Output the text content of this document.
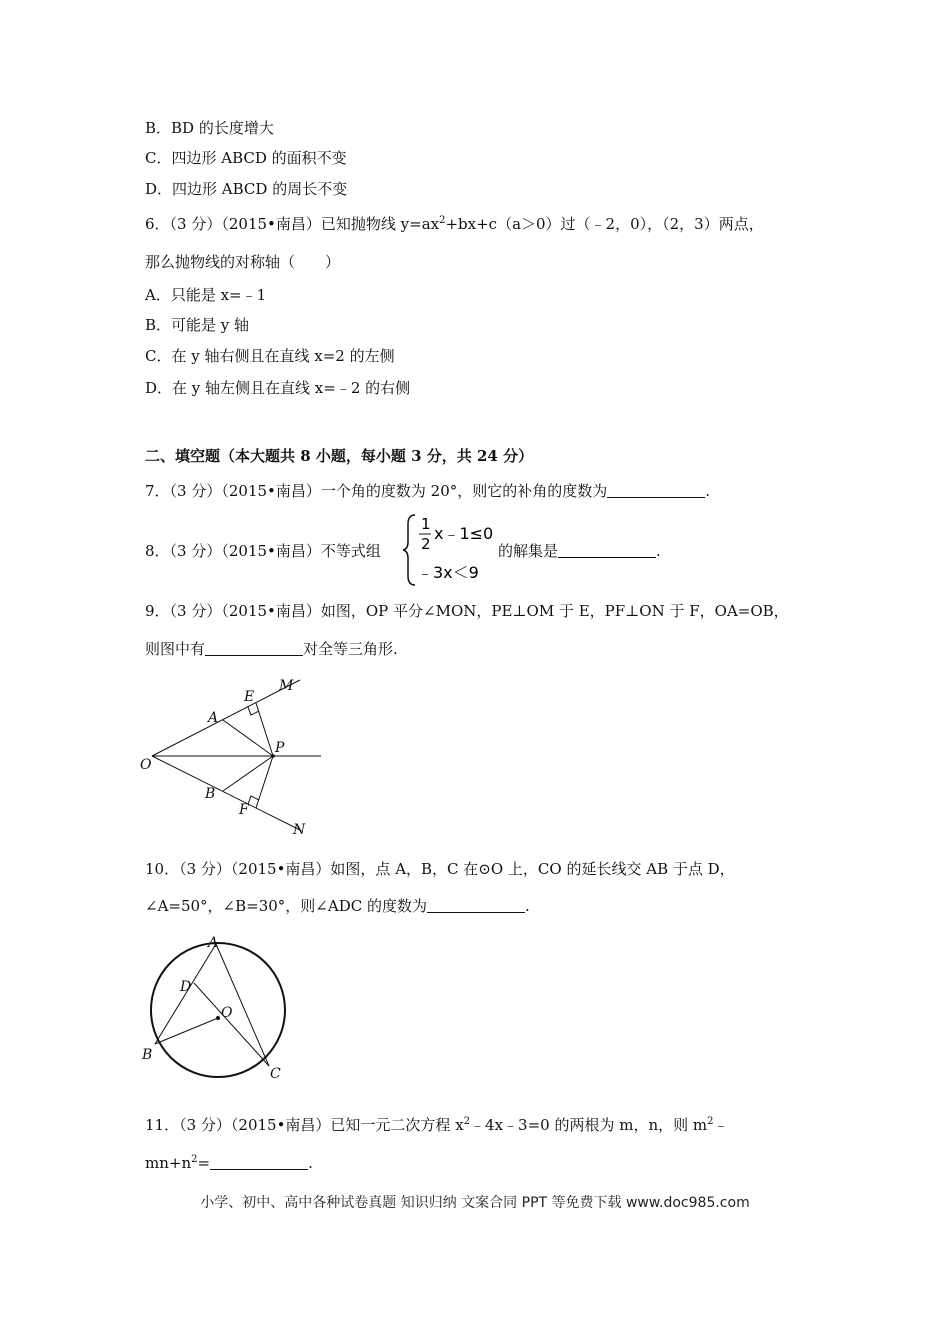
B．BD 的长度增大
C．四边形 ABCD 的面积不变
D．四边形 ABCD 的周长不变
6．（3 分）（2015•南昌）已知抛物线 $y=ax^2+bx+c(a>0)$过（﹣2，0），（2，3）两点，
那么抛物线的对称轴（　　）
A．只能是 x=﹣1
B．可能是 y 轴
C．在 y 轴右侧且在直线 x=2 的左侧
D．在 y 轴左侧且在直线 x=﹣2 的右侧
二、填空题（本大题共 8 小题，每小题 3 分，共 24 分）
7．（3 分）（2015•南昌）一个角的度数为 20°，则它的补角的度数为	.
8．（3 分）（2015•南昌）不等式组
1
2
x﹣1≤0
﹣3x＜9
的解集是	.
9．（3 分）（2015•南昌）如图，OP 平分∠MON，PE⊥OM 于 E，PF⊥ON 于 F，OA=OB，
则图中有	对全等三角形.
O
A
E
M
P
B
F
N
10．（3 分）（2015•南昌）如图，点 A，B，C 在⊙O 上，CO 的延长线交 AB 于点 D，
∠A=50°，∠B=30°，则∠ADC 的度数为	.
A
B
C
D
O
11．（3 分）（2015•南昌）已知一元二次方程 $x^2﹣4x﹣3=0$ 的两根为 m，n，则 $m^2﹣$
$mn+n^2=$	.
小学、初中、高中各种试卷真题 知识归纳 文案合同 PPT 等免费下载 www.doc985.com
